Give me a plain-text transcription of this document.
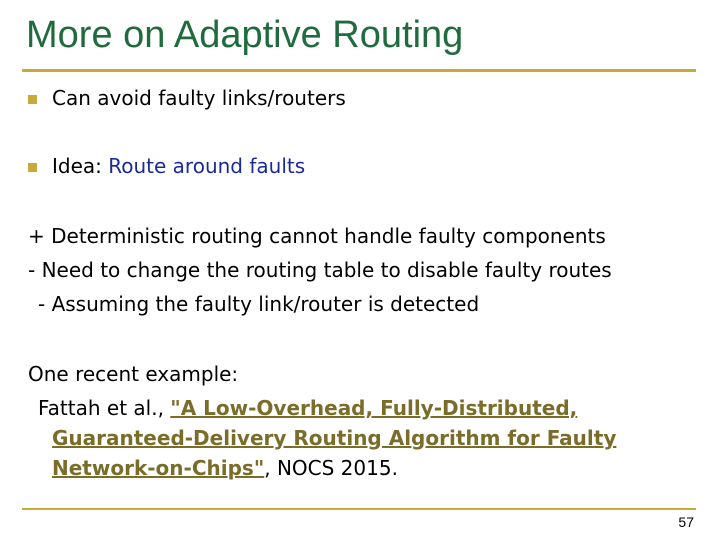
More on Adaptive Routing
Can avoid faulty links/routers
Idea: Route around faults
+ Deterministic routing cannot handle faulty components
- Need to change the routing table to disable faulty routes
- Assuming the faulty link/router is detected
One recent example:
Fattah et al., "A Low-Overhead, Fully-Distributed,
Guaranteed-Delivery Routing Algorithm for Faulty
Network-on-Chips", NOCS 2015.
57
